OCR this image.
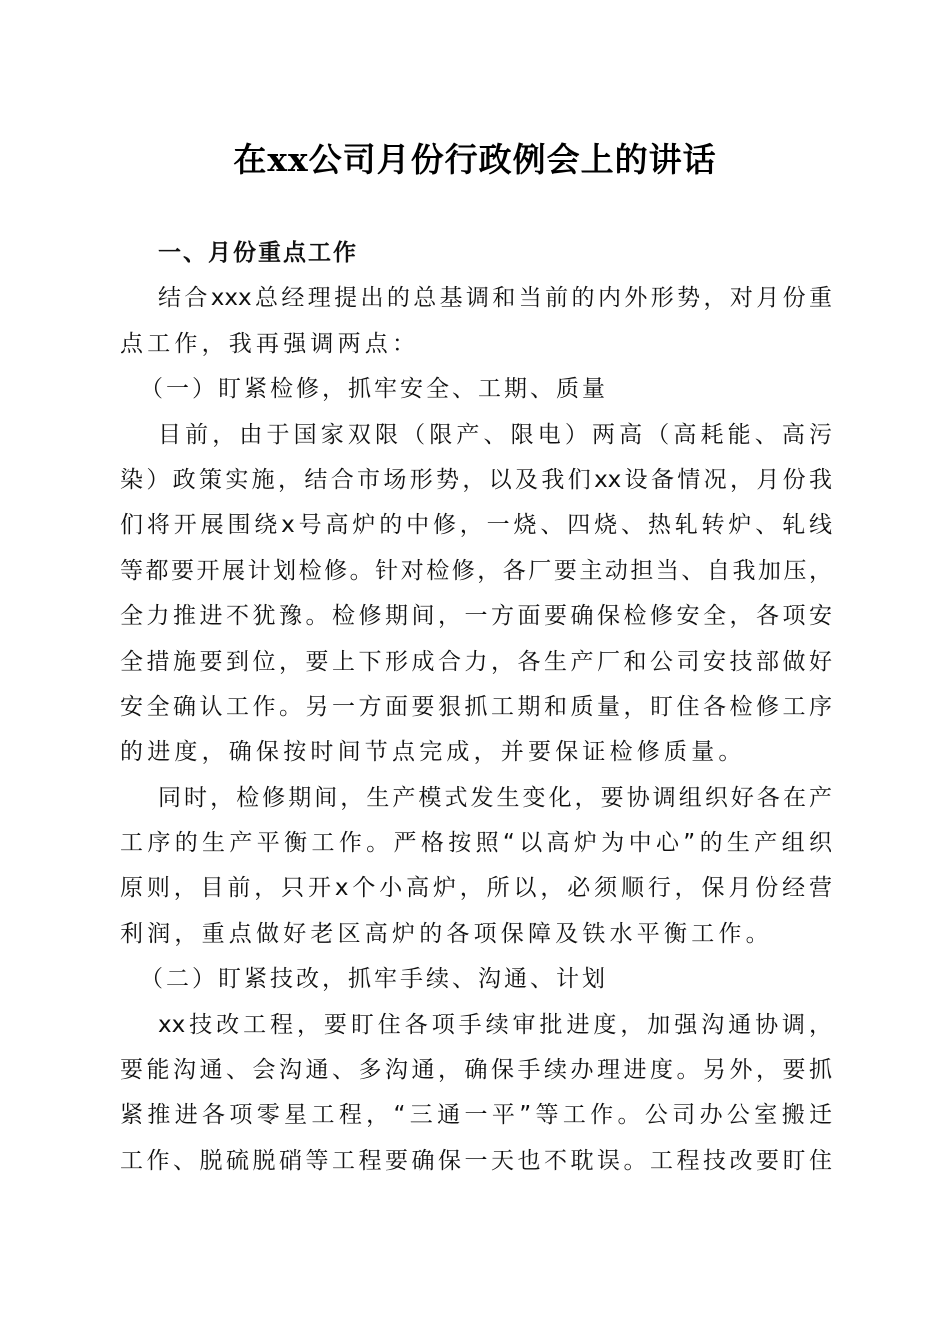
在xx公司月份行政例会上的讲话
一、月份重点工作
结合xxx总经理提出的总基调和当前的内外形势，对月份重
点工作，我再强调两点：
（一）盯紧检修，抓牢安全、工期、质量
目前，由于国家双限（限产、限电）两高（高耗能、高污
染）政策实施，结合市场形势，以及我们xx设备情况，月份我
们将开展围绕x号高炉的中修，一烧、四烧、热轧转炉、轧线
等都要开展计划检修。针对检修，各厂要主动担当、自我加压，
全力推进不犹豫。检修期间，一方面要确保检修安全，各项安
全措施要到位，要上下形成合力，各生产厂和公司安技部做好
安全确认工作。另一方面要狠抓工期和质量，盯住各检修工序
的进度，确保按时间节点完成，并要保证检修质量。
同时，检修期间，生产模式发生变化，要协调组织好各在产
工序的生产平衡工作。严格按照“以高炉为中心”的生产组织
原则，目前，只开x个小高炉，所以，必须顺行，保月份经营
利润，重点做好老区高炉的各项保障及铁水平衡工作。
（二）盯紧技改，抓牢手续、沟通、计划
xx技改工程，要盯住各项手续审批进度，加强沟通协调，
要能沟通、会沟通、多沟通，确保手续办理进度。另外，要抓
紧推进各项零星工程，“三通一平”等工作。公司办公室搬迁
工作、脱硫脱硝等工程要确保一天也不耽误。工程技改要盯住
